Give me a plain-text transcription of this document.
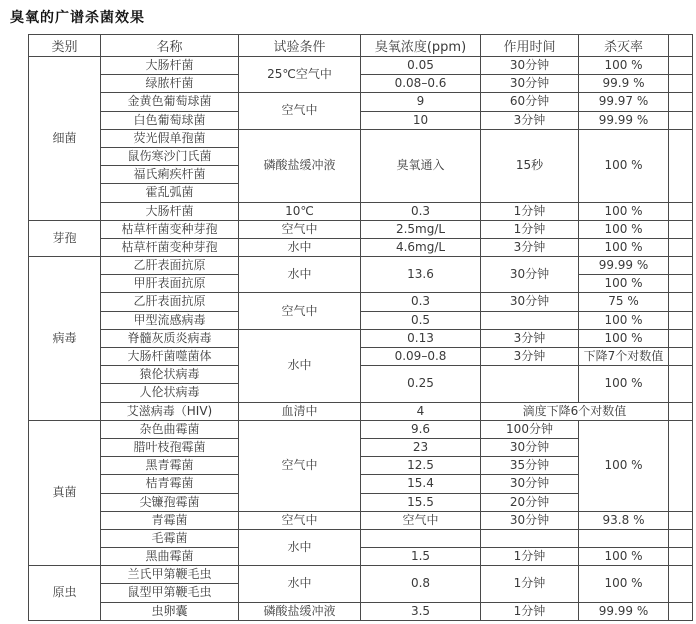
臭氧的广谱杀菌效果
类别	名称	试验条件	臭氧浓度(ppm)	作用时间	杀灭率	
细菌	大肠杆菌	25℃空气中	0.05	30分钟	100 %	
	绿脓杆菌		0.08–0.6	30分钟	99.9 %	
	金黄色葡萄球菌	空气中	9	60分钟	99.97 %	
	白色葡萄球菌		10	3分钟	99.99 %	
	荧光假单孢菌	磷酸盐缓冲液	臭氧通入	15秒	100 %	
	鼠伤寒沙门氏菌					
	福氏痢疾杆菌					
	霍乱弧菌					
	大肠杆菌	10℃	0.3	1分钟	100 %	
芽孢	枯草杆菌变种芽孢	空气中	2.5mg/L	1分钟	100 %	
	枯草杆菌变种芽孢	水中	4.6mg/L	3分钟	100 %	
病毒	乙肝表面抗原	水中	13.6	30分钟	99.99 %	
	甲肝表面抗原				100 %	
	乙肝表面抗原	空气中	0.3	30分钟	75 %	
	甲型流感病毒		0.5		100 %	
	脊髓灰质炎病毒	水中	0.13	3分钟	100 %	
	大肠杆菌噬菌体		0.09–0.8	3分钟	下降7个对数值	
	猿伦状病毒		0.25		100 %	
	人伦状病毒					
	艾滋病毒（HIV)	血清中	4	滴度下降6个对数值		
真菌	杂色曲霉菌	空气中	9.6	100分钟	100 %	
	腊叶枝孢霉菌		23	30分钟		
	黑青霉菌		12.5	35分钟		
	桔青霉菌		15.4	30分钟		
	尖镰孢霉菌		15.5	20分钟		
	青霉菌	空气中	空气中	30分钟	93.8 %	
	毛霉菌	水中				
	黑曲霉菌		1.5	1分钟	100 %	
原虫	兰氏甲第鞭毛虫	水中	0.8	1分钟	100 %	
	鼠型甲第鞭毛虫					
	虫卵囊	磷酸盐缓冲液	3.5	1分钟	99.99 %	
